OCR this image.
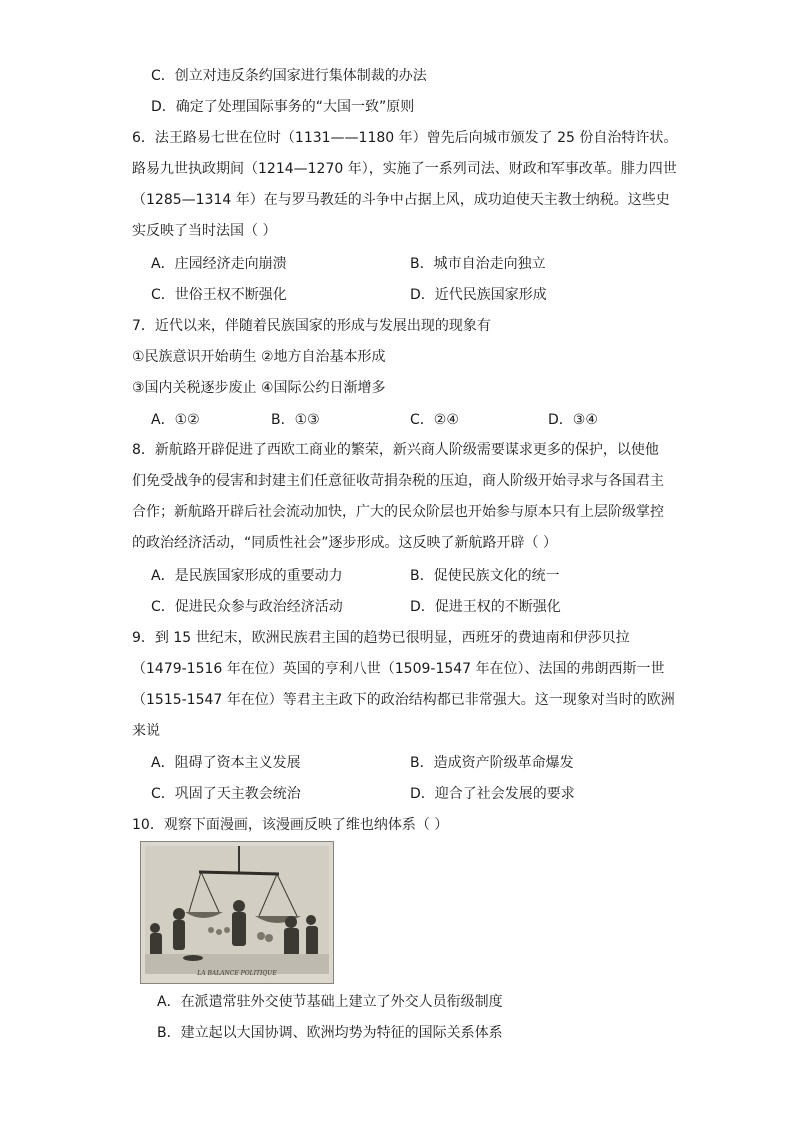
C．创立对违反条约国家进行集体制裁的办法
D．确定了处理国际事务的“大国一致”原则
6．法王路易七世在位时（1131——1180 年）曾先后向城市颁发了 25 份自治特许状。
路易九世执政期间（1214—1270 年），实施了一系列司法、财政和军事改革。腓力四世
（1285—1314 年）在与罗马教廷的斗争中占据上风，成功迫使天主教士纳税。这些史
实反映了当时法国（ ）
A．庄园经济走向崩溃	B．城市自治走向独立
C．世俗王权不断强化	D．近代民族国家形成
7．近代以来，伴随着民族国家的形成与发展出现的现象有
①民族意识开始萌生 ②地方自治基本形成
③国内关税逐步废止 ④国际公约日渐增多
A．①②	B．①③	C．②④	D．③④
8．新航路开辟促进了西欧工商业的繁荣，新兴商人阶级需要谋求更多的保护，以使他
们免受战争的侵害和封建主们任意征收苛捐杂税的压迫，商人阶级开始寻求与各国君主
合作；新航路开辟后社会流动加快，广大的民众阶层也开始参与原本只有上层阶级掌控
的政治经济活动，“同质性社会”逐步形成。这反映了新航路开辟（ ）
A．是民族国家形成的重要动力	B．促使民族文化的统一
C．促进民众参与政治经济活动	D．促进王权的不断强化
9．到 15 世纪末，欧洲民族君主国的趋势已很明显，西班牙的费迪南和伊莎贝拉
（1479-1516 年在位）英国的亨利八世（1509-1547 年在位）、法国的弗朗西斯一世
（1515-1547 年在位）等君主主政下的政治结构都已非常强大。这一现象对当时的欧洲
来说
A．阻碍了资本主义发展	B．造成资产阶级革命爆发
C．巩固了天主教会统治	D．迎合了社会发展的要求
10．观察下面漫画，该漫画反映了维也纳体系（ ）
LA BALANCE POLITIQUE
A．在派遣常驻外交使节基础上建立了外交人员衔级制度
B．建立起以大国协调、欧洲均势为特征的国际关系体系
